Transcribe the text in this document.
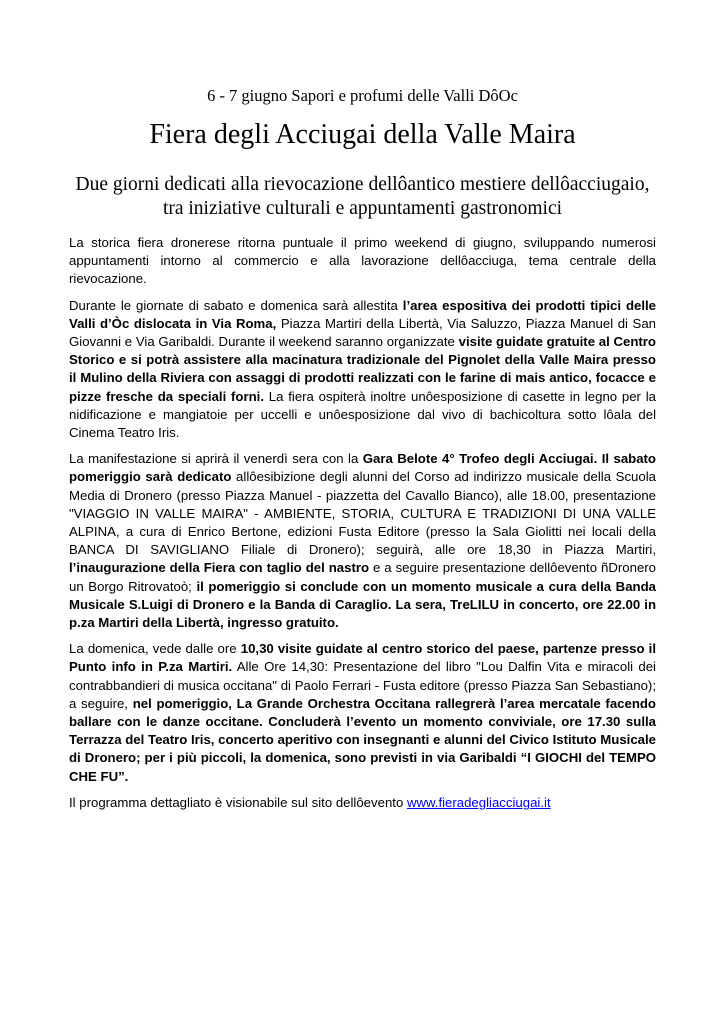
6 - 7 giugno Sapori e profumi delle Valli DôOc
Fiera degli Acciugai della Valle Maira
Due giorni dedicati alla rievocazione dellôantico mestiere dellôacciugaio,
tra iniziative culturali e appuntamenti gastronomici

La storica fiera dronerese ritorna puntuale il primo weekend di giugno, sviluppando numerosi appuntamenti intorno al commercio e alla lavorazione dellôacciuga, tema centrale della rievocazione.

Durante le giornate di sabato e domenica sarà allestita l’area espositiva dei prodotti tipici delle Valli d’Òc dislocata in Via Roma, Piazza Martiri della Libertà, Via Saluzzo, Piazza Manuel di San Giovanni e Via Garibaldi. Durante il weekend saranno organizzate visite guidate gratuite al Centro Storico e si potrà assistere alla macinatura tradizionale del Pignolet della Valle Maira presso il Mulino della Riviera con assaggi di prodotti realizzati con le farine di mais antico, focacce e pizze fresche da speciali forni. La fiera ospiterà inoltre unôesposizione di casette in legno per la nidificazione e mangiatoie per uccelli e unôesposizione dal vivo di bachicoltura sotto lôala del Cinema Teatro Iris.

La manifestazione si aprirà il venerdì sera con la Gara Belote 4° Trofeo degli Acciugai. Il sabato pomeriggio sarà dedicato allôesibizione degli alunni del Corso ad indirizzo musicale della Scuola Media di Dronero (presso Piazza Manuel - piazzetta del Cavallo Bianco), alle 18.00, presentazione "VIAGGIO IN VALLE MAIRA" - AMBIENTE, STORIA, CULTURA E TRADIZIONI DI UNA VALLE ALPINA, a cura di Enrico Bertone, edizioni Fusta Editore (presso la Sala Giolitti nei locali della BANCA DI SAVIGLIANO Filiale di Dronero); seguirà, alle ore 18,30 in Piazza Martiri, l’inaugurazione della Fiera con taglio del nastro e a seguire presentazione dellôevento ñDronero un Borgo Ritrovatoò; il pomeriggio si conclude con un momento musicale a cura della Banda Musicale S.Luigi di Dronero e la Banda di Caraglio. La sera, TreLILU in concerto, ore 22.00 in p.za Martiri della Libertà, ingresso gratuito.

La domenica, vede dalle ore 10,30 visite guidate al centro storico del paese, partenze presso il Punto info in P.za Martiri. Alle Ore 14,30: Presentazione del libro "Lou Dalfin Vita e miracoli dei contrabbandieri di musica occitana" di Paolo Ferrari - Fusta editore (presso Piazza San Sebastiano); a seguire, nel pomeriggio, La Grande Orchestra Occitana rallegrerà l’area mercatale facendo ballare con le danze occitane. Concluderà l’evento un momento conviviale, ore 17.30 sulla Terrazza del Teatro Iris, concerto aperitivo con insegnanti e alunni del Civico Istituto Musicale di Dronero; per i più piccoli, la domenica, sono previsti in via Garibaldi “I GIOCHI del TEMPO CHE FU”.

Il programma dettagliato è visionabile sul sito dellôevento www.fieradegliacciugai.it
